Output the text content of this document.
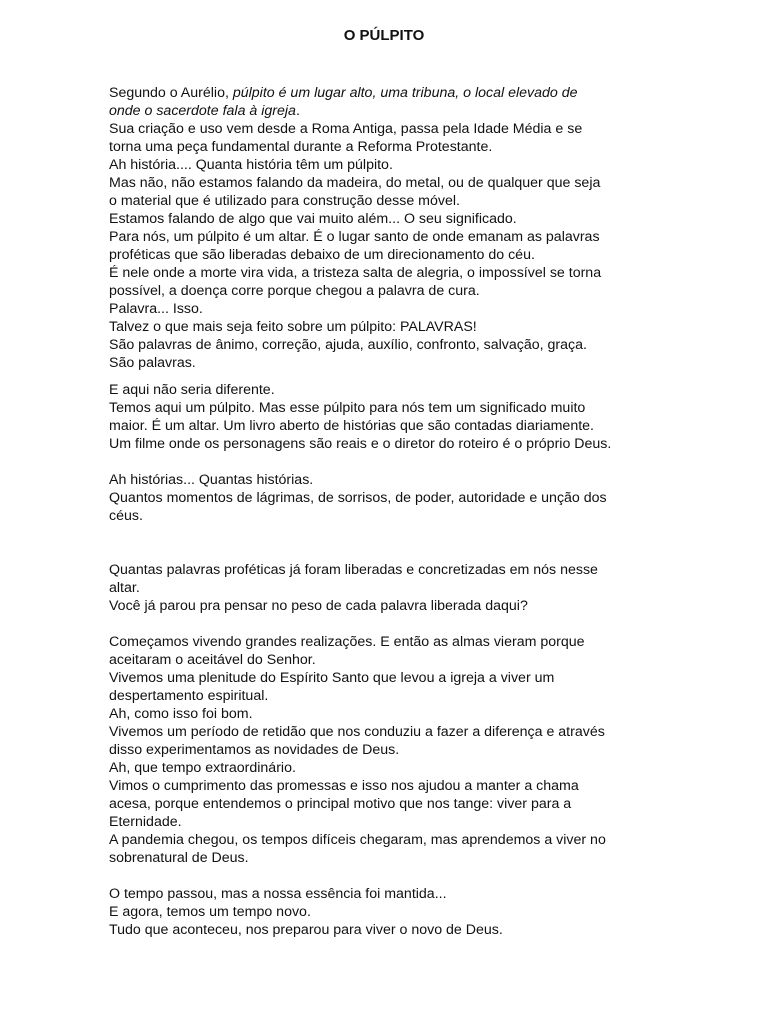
O PÚLPITO
Segundo o Aurélio, púlpito é um lugar alto, uma tribuna, o local elevado de
onde o sacerdote fala à igreja.
Sua criação e uso vem desde a Roma Antiga, passa pela Idade Média e se
torna uma peça fundamental durante a Reforma Protestante.
Ah história.... Quanta história têm um púlpito.
Mas não, não estamos falando da madeira, do metal, ou de qualquer que seja
o material que é utilizado para construção desse móvel.
Estamos falando de algo que vai muito além... O seu significado.
Para nós, um púlpito é um altar. É o lugar santo de onde emanam as palavras
proféticas que são liberadas debaixo de um direcionamento do céu.
É nele onde a morte vira vida, a tristeza salta de alegria, o impossível se torna
possível, a doença corre porque chegou a palavra de cura.
Palavra... Isso.
Talvez o que mais seja feito sobre um púlpito: PALAVRAS!
São palavras de ânimo, correção, ajuda, auxílio, confronto, salvação, graça.
São palavras.
E aqui não seria diferente.
Temos aqui um púlpito. Mas esse púlpito para nós tem um significado muito
maior. É um altar. Um livro aberto de histórias que são contadas diariamente.
Um filme onde os personagens são reais e o diretor do roteiro é o próprio Deus.
Ah histórias... Quantas histórias.
Quantos momentos de lágrimas, de sorrisos, de poder, autoridade e unção dos
céus.
Quantas palavras proféticas já foram liberadas e concretizadas em nós nesse
altar.
Você já parou pra pensar no peso de cada palavra liberada daqui?
Começamos vivendo grandes realizações. E então as almas vieram porque
aceitaram o aceitável do Senhor.
Vivemos uma plenitude do Espírito Santo que levou a igreja a viver um
despertamento espiritual.
Ah, como isso foi bom.
Vivemos um período de retidão que nos conduziu a fazer a diferença e através
disso experimentamos as novidades de Deus.
Ah, que tempo extraordinário.
Vimos o cumprimento das promessas e isso nos ajudou a manter a chama
acesa, porque entendemos o principal motivo que nos tange: viver para a
Eternidade.
A pandemia chegou, os tempos difíceis chegaram, mas aprendemos a viver no
sobrenatural de Deus.
O tempo passou, mas a nossa essência foi mantida...
E agora, temos um tempo novo.
Tudo que aconteceu, nos preparou para viver o novo de Deus.
